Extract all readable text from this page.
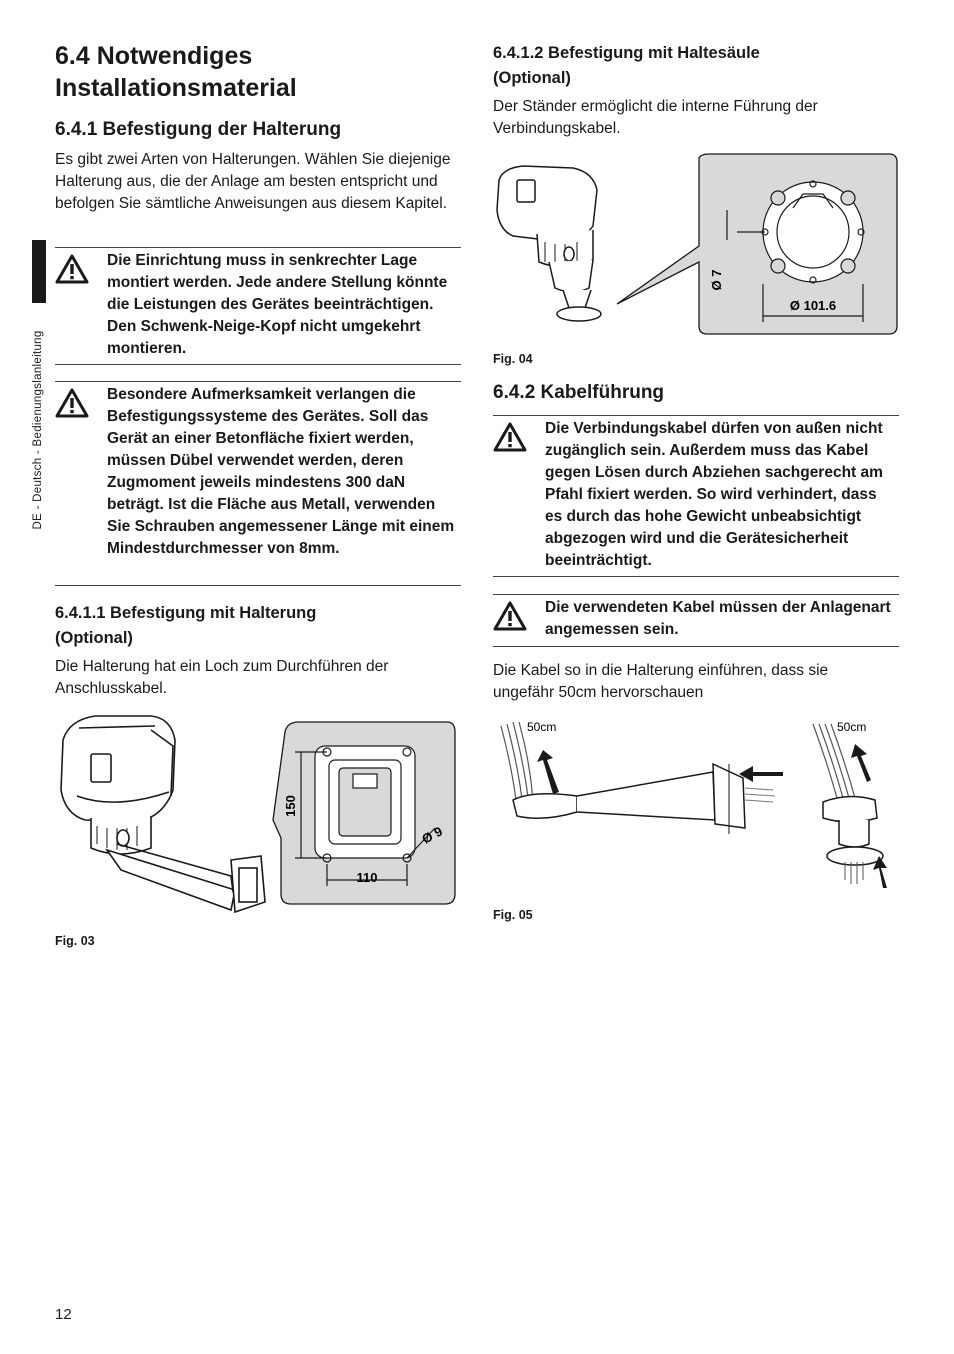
DE - Deutsch - Bedienungslanleitung
6.4 Notwendiges
Installationsmaterial
6.4.1 Befestigung der Halterung

Es gibt zwei Arten von Halterungen. Wählen Sie diejenige Halterung aus, die der Anlage am besten entspricht und befolgen Sie sämtliche Anweisungen aus diesem Kapitel.

Die Einrichtung muss in senkrechter Lage montiert werden. Jede andere Stellung könnte die Leistungen des Gerätes beeinträchtigen. Den Schwenk-Neige-Kopf nicht umgekehrt montieren.
Besondere Aufmerksamkeit verlangen die Befestigungssysteme des Gerätes. Soll das Gerät an einer Betonfläche fixiert werden, müssen Dübel verwendet werden, deren Zugmoment jeweils mindestens 300 daN beträgt. Ist die Fläche aus Metall, verwenden Sie Schrauben angemessener Länge mit einem Mindestdurchmesser von 8mm.
6.4.1.1 Befestigung mit Halterung
(Optional)

Die Halterung hat ein Loch zum Durchführen der Anschlusskabel.

150
110
Ø 9
Fig. 03
6.4.1.2 Befestigung mit Haltesäule
(Optional)

Der Ständer ermöglicht die interne Führung der Verbindungskabel.

Ø 7
Ø 101.6
Fig. 04
6.4.2 Kabelführung
Die Verbindungskabel dürfen von außen nicht zugänglich sein. Außerdem muss das Kabel gegen Lösen durch Abziehen sachgerecht am Pfahl fixiert werden. So wird verhindert, dass es durch das hohe Gewicht unbeabsichtigt abgezogen wird und die Gerätesicherheit beeinträchtigt.
Die verwendeten Kabel müssen der Anlagenart angemessen sein.

Die Kabel so in die Halterung einführen, dass sie ungefähr 50cm hervorschauen

50cm	50cm
Fig. 05
12
